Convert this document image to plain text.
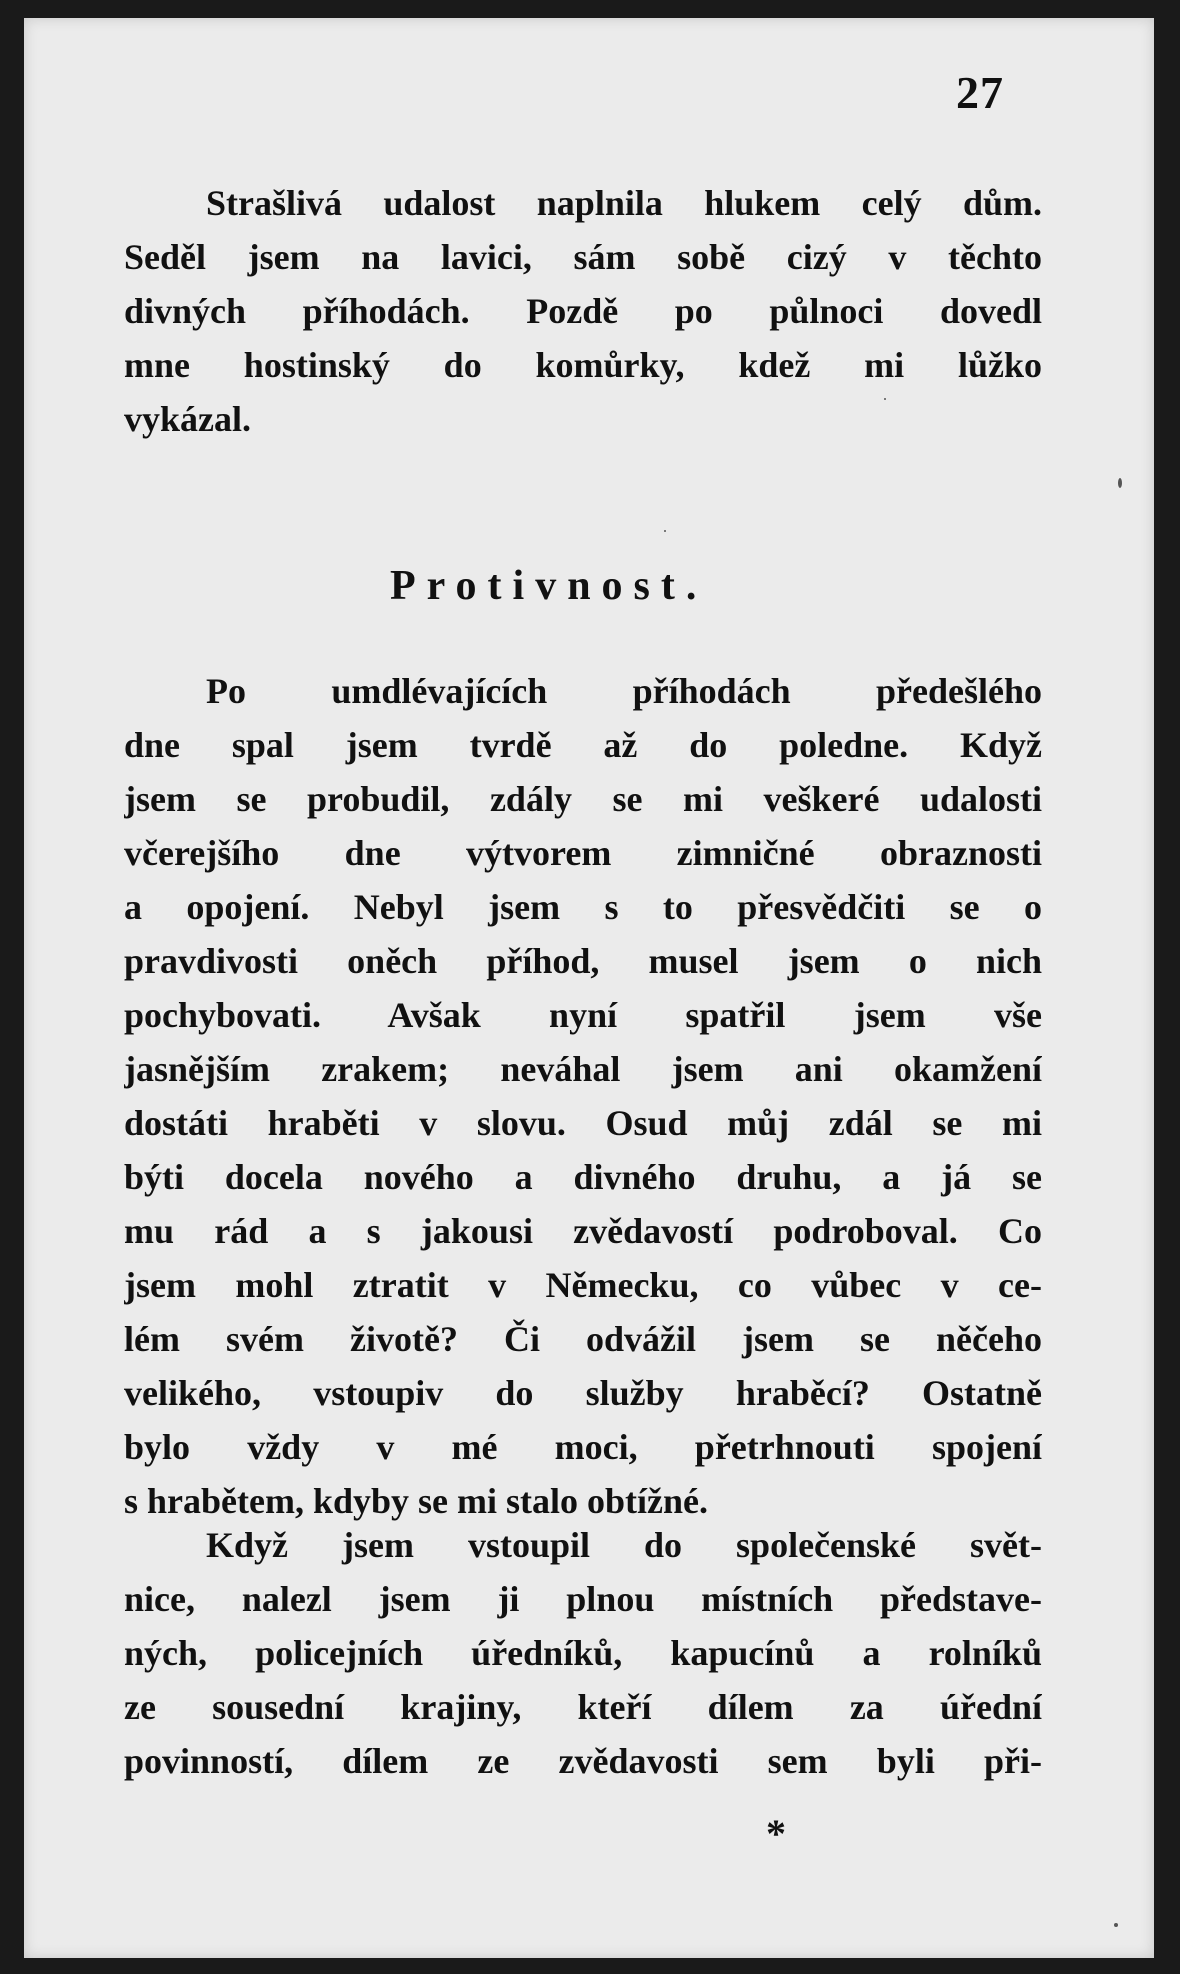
27
Strašlivá udalost naplnila hlukem celý dům.
Seděl jsem na lavici, sám sobě cizý v těchto
divných příhodách. Pozdě po půlnoci dovedl
mne hostinský do komůrky, kdež mi lůžko
vykázal.
Protivnost.
Po umdlévajících příhodách předešlého
dne spal jsem tvrdě až do poledne. Když
jsem se probudil, zdály se mi veškeré udalosti
včerejšího dne výtvorem zimničné obraznosti
a opojení. Nebyl jsem s to přesvědčiti se o
pravdivosti oněch příhod, musel jsem o nich
pochybovati. Avšak nyní spatřil jsem vše
jasnějším zrakem; neváhal jsem ani okamžení
dostáti hraběti v slovu. Osud můj zdál se mi
býti docela nového a divného druhu, a já se
mu rád a s jakousi zvědavostí podroboval. Co
jsem mohl ztratit v Německu, co vůbec v ce-
lém svém životě? Či odvážil jsem se něčeho
velikého, vstoupiv do služby hraběcí? Ostatně
bylo vždy v mé moci, přetrhnouti spojení
s hrabětem, kdyby se mi stalo obtížné.
Když jsem vstoupil do společenské svět-
nice, nalezl jsem ji plnou místních představe-
ných, policejních úředníků, kapucínů a rolníků
ze sousední krajiny, kteří dílem za úřední
povinností, dílem ze zvědavosti sem byli při-
*
